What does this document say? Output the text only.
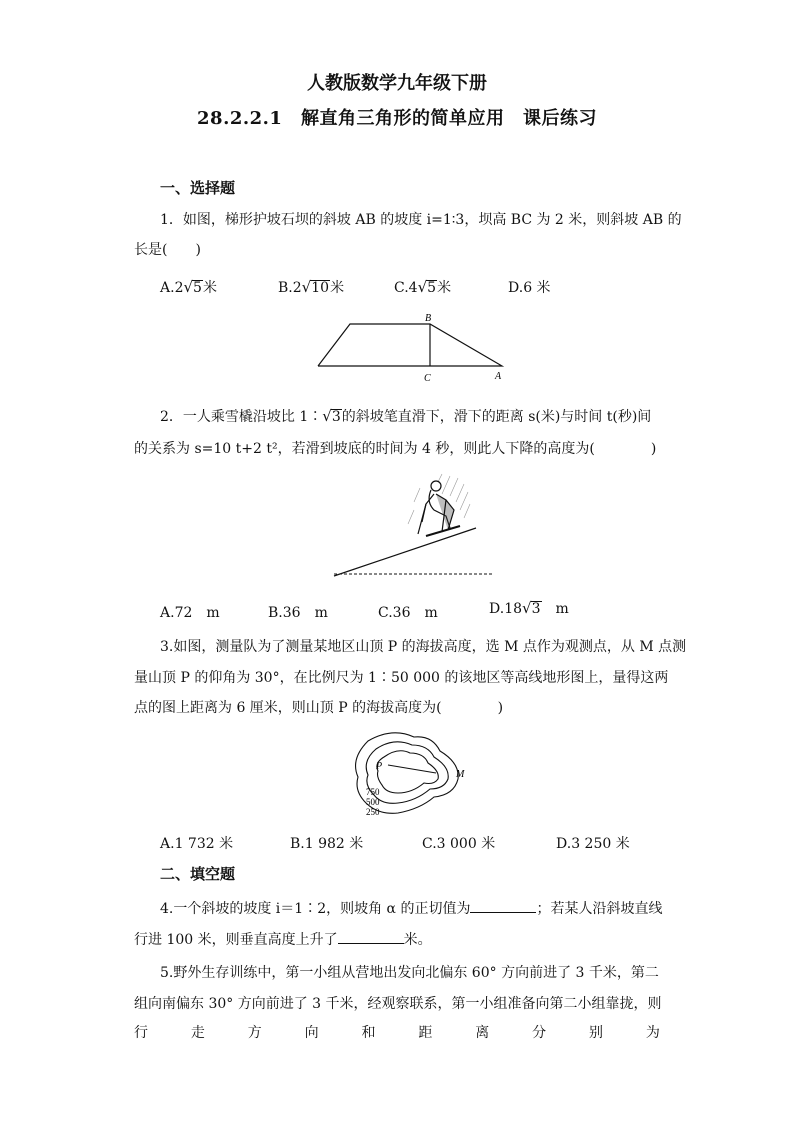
人教版数学九年级下册
28.2.2.1　解直角三角形的简单应用　课后练习
一、选择题
1．如图，梯形护坡石坝的斜坡 AB 的坡度 i=1∶3，坝高 BC 为 2 米，则斜坡 AB 的
长是(　　)
A.2√5米	B.2√10米	C.4√5米	D.6 米
B
C	A
2．一人乘雪橇沿坡比 1∶√3的斜坡笔直滑下，滑下的距离 s(米)与时间 t(秒)间
的关系为 s=10 t+2 t²，若滑到坡底的时间为 4 秒，则此人下降的高度为(　　　　)
A.72　m	B.36　m	C.36　m	D.18√3　m
3.如图，测量队为了测量某地区山顶 P 的海拔高度，选 M 点作为观测点，从 M 点测
量山顶 P 的仰角为 30°，在比例尺为 1∶50 000 的该地区等高线地形图上，量得这两
点的图上距离为 6 厘米，则山顶 P 的海拔高度为(　　　　)
P
M
750
500
250
A.1 732 米	B.1 982 米	C.3 000 米	D.3 250 米
二、填空题
4.一个斜坡的坡度 i＝1∶2，则坡角 α 的正切值为	；若某人沿斜坡直线
行进 100 米，则垂直高度上升了	米。
5.野外生存训练中，第一小组从营地出发向北偏东 60° 方向前进了 3 千米，第二
组向南偏东 30° 方向前进了 3 千米，经观察联系，第一小组准备向第二小组靠拢，则
行	走	方	向	和	距	离	分	别	为
